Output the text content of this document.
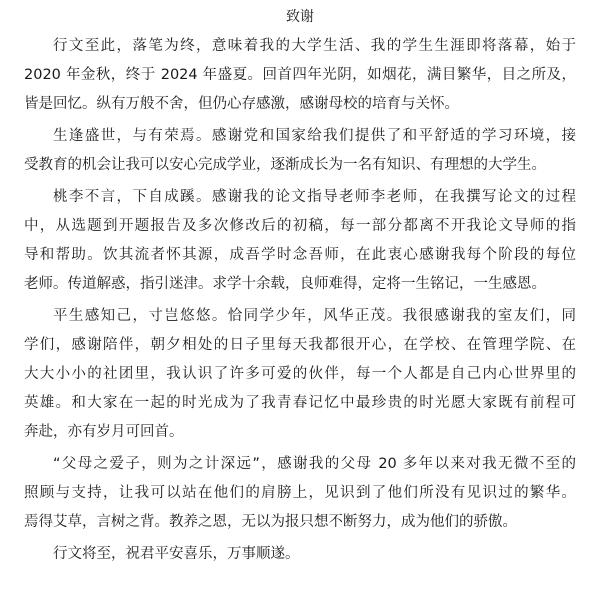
致谢
行文至此，落笔为终，意味着我的大学生活、我的学生生涯即将落幕，始于
2020 年金秋，终于 2024 年盛夏。回首四年光阴，如烟花，满目繁华，目之所及，
皆是回忆。纵有万般不舍，但仍心存感激，感谢母校的培育与关怀。
生逢盛世，与有荣焉。感谢党和国家给我们提供了和平舒适的学习环境，接
受教育的机会让我可以安心完成学业，逐渐成长为一名有知识、有理想的大学生。
桃李不言，下自成蹊。感谢我的论文指导老师李老师，在我撰写论文的过程
中，从选题到开题报告及多次修改后的初稿，每一部分都离不开我论文导师的指
导和帮助。饮其流者怀其源，成吾学时念吾师，在此衷心感谢我每个阶段的每位
老师。传道解惑，指引迷津。求学十余载，良师难得，定将一生铭记，一生感恩。
平生感知己，寸岂悠悠。恰同学少年，风华正茂。我很感谢我的室友们，同
学们，感谢陪伴，朝夕相处的日子里每天我都很开心，在学校、在管理学院、在
大大小小的社团里，我认识了许多可爱的伙伴，每一个人都是自己内心世界里的
英雄。和大家在一起的时光成为了我青春记忆中最珍贵的时光愿大家既有前程可
奔赴，亦有岁月可回首。
“父母之爱子，则为之计深远”，感谢我的父母 20 多年以来对我无微不至的
照顾与支持，让我可以站在他们的肩膀上，见识到了他们所没有见识过的繁华。
焉得艾草，言树之背。教养之恩，无以为报只想不断努力，成为他们的骄傲。
行文将至，祝君平安喜乐，万事顺遂。
